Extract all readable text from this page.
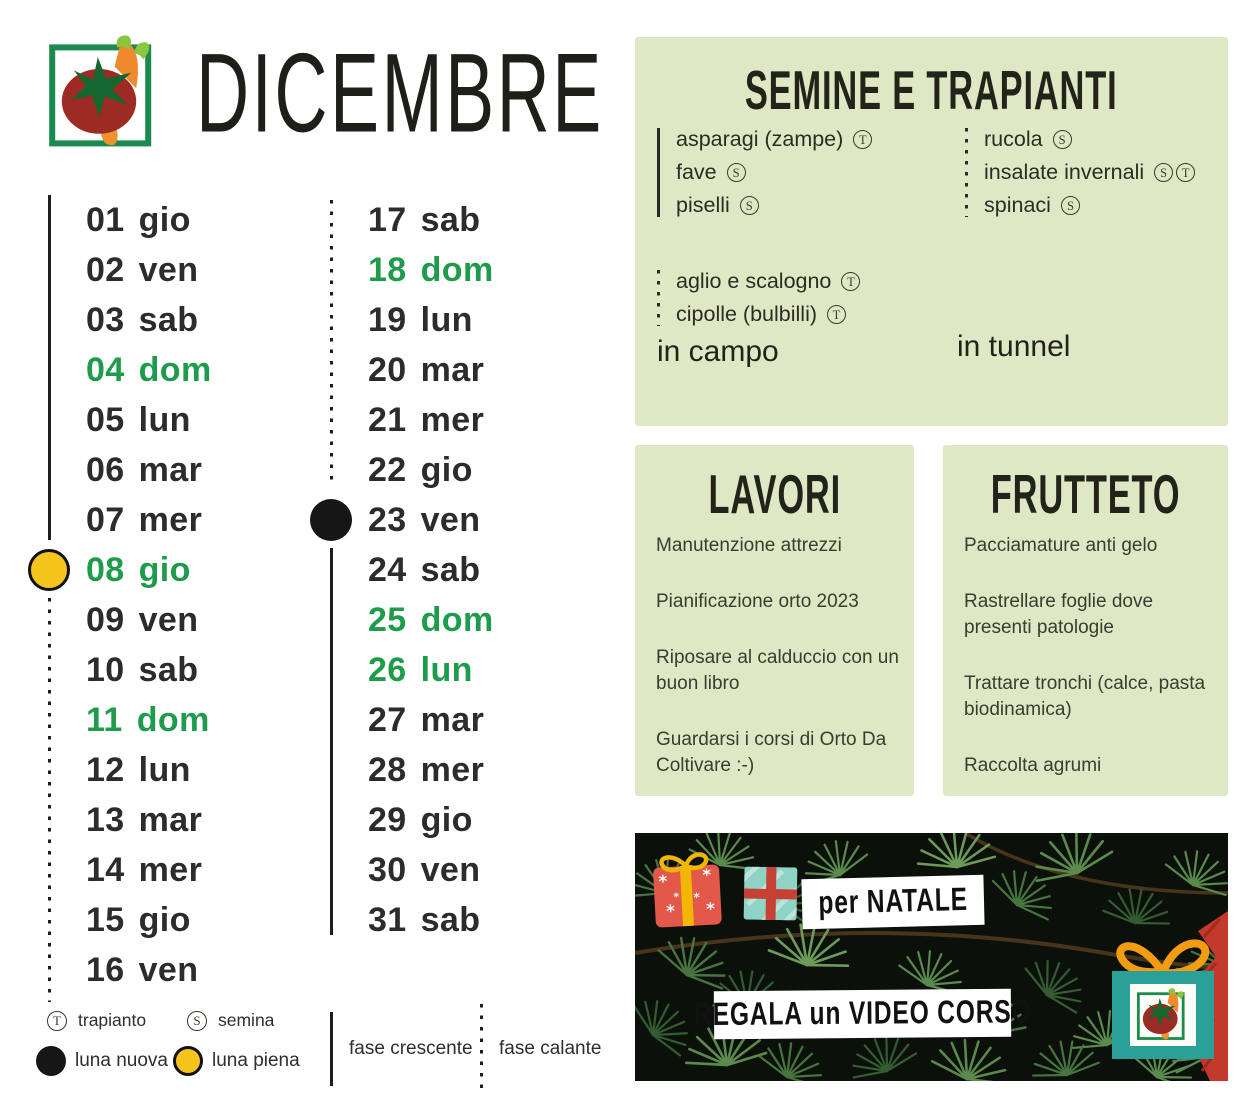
DICEMBRE
01 gio
02 ven
03 sab
04 dom
05 lun
06 mar
07 mer
08 gio
09 ven
10 sab
11 dom
12 lun
13 mar
14 mer
15 gio
16 ven
17 sab
18 dom
19 lun
20 mar
21 mer
22 gio
23 ven
24 sab
25 dom
26 lun
27 mar
28 mer
29 gio
30 ven
31 sab
T trapianto	S semina
luna nuova luna piena
fase crescente fase calante
SEMINE E TRAPIANTI
asparagi (zampe)	T
fave	S
piselli	S
rucola	S
insalate invernali	S	T
spinaci	S
aglio e scalogno	T
cipolle (bulbilli)	T
in campo	in tunnel
LAVORI

Manutenzione attrezzi

Pianificazione orto 2023

Riposare al calduccio con un buon libro

Guardarsi i corsi di Orto Da Coltivare :-)

FRUTTETO

Pacciamature anti gelo

Rastrellare foglie dove presenti patologie

Trattare tronchi (calce, pasta biodinamica)

Raccolta agrumi

* *
* *
*
*	per NATALE
REGALA un VIDEO CORSO
